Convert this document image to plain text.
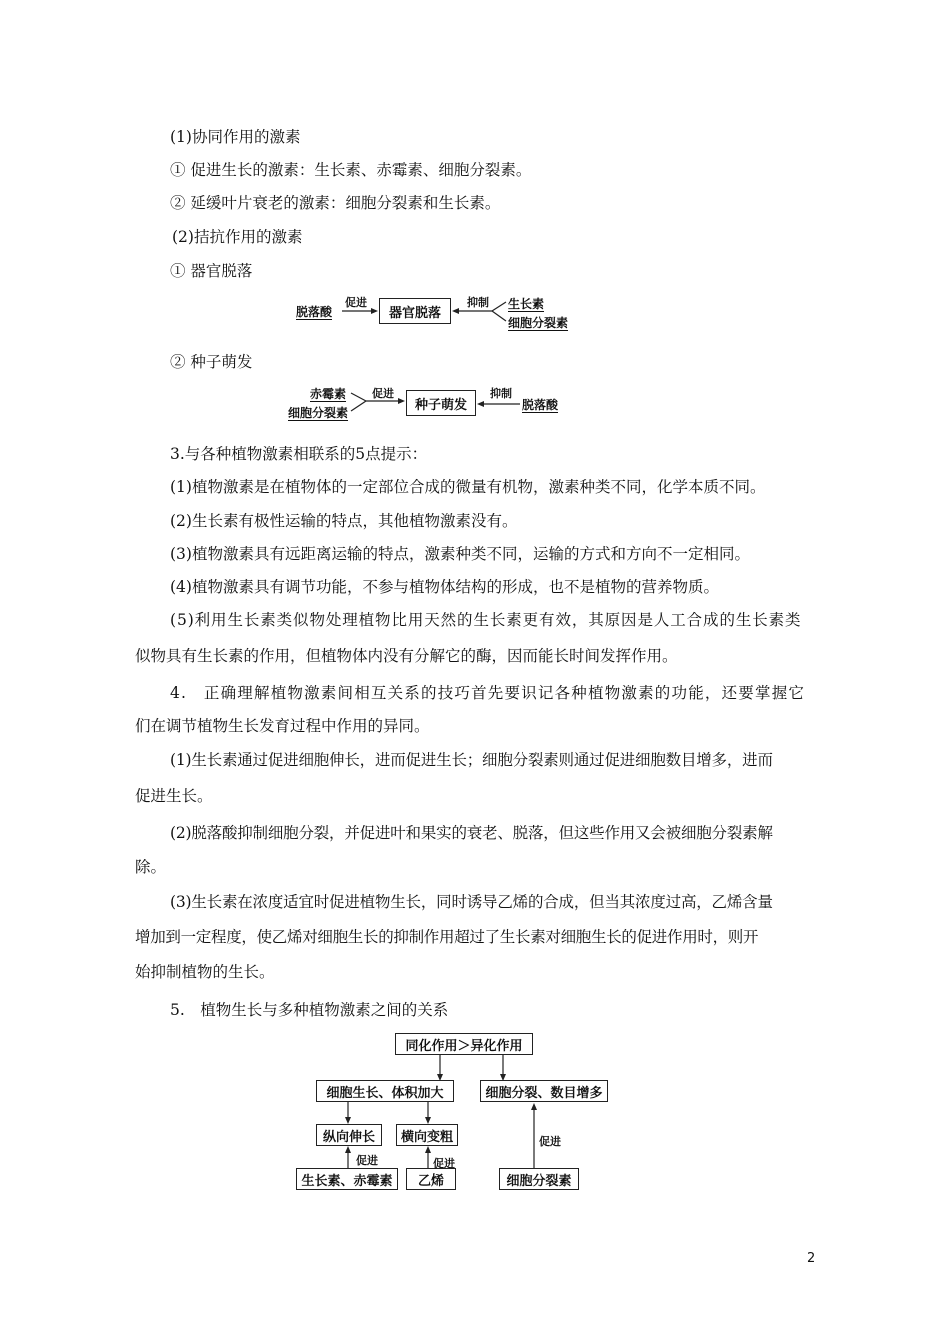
(1)协同作用的激素
① 促进生长的激素：生长素、赤霉素、细胞分裂素。
② 延缓叶片衰老的激素：细胞分裂素和生长素。
(2)拮抗作用的激素
① 器官脱落
脱落酸
促进
器官脱落
抑制 生长素
细胞分裂素
② 种子萌发
赤霉素
细胞分裂素
促进
种子萌发
抑制
脱落酸
3.与各种植物激素相联系的5点提示：
(1)植物激素是在植物体的一定部位合成的微量有机物，激素种类不同，化学本质不同。
(2)生长素有极性运输的特点，其他植物激素没有。
(3)植物激素具有远距离运输的特点，激素种类不同，运输的方式和方向不一定相同。
(4)植物激素具有调节功能，不参与植物体结构的形成，也不是植物的营养物质。
(5)利用生长素类似物处理植物比用天然的生长素更有效，其原因是人工合成的生长素类
似物具有生长素的作用，但植物体内没有分解它的酶，因而能长时间发挥作用。
4.　正确理解植物激素间相互关系的技巧首先要识记各种植物激素的功能，还要掌握它
们在调节植物生长发育过程中作用的异同。
(1)生长素通过促进细胞伸长，进而促进生长；细胞分裂素则通过促进细胞数目增多，进而
促进生长。
(2)脱落酸抑制细胞分裂，并促进叶和果实的衰老、脱落，但这些作用又会被细胞分裂素解
除。
(3)生长素在浓度适宜时促进植物生长，同时诱导乙烯的合成，但当其浓度过高，乙烯含量
增加到一定程度，使乙烯对细胞生长的抑制作用超过了生长素对细胞生长的促进作用时，则开
始抑制植物的生长。
5.　植物生长与多种植物激素之间的关系
同化作用＞异化作用
细胞生长、体积加大	细胞分裂、数目增多
纵向伸长	横向变粗
生长素、赤霉素	乙烯	细胞分裂素
促进	促进
促进
2
